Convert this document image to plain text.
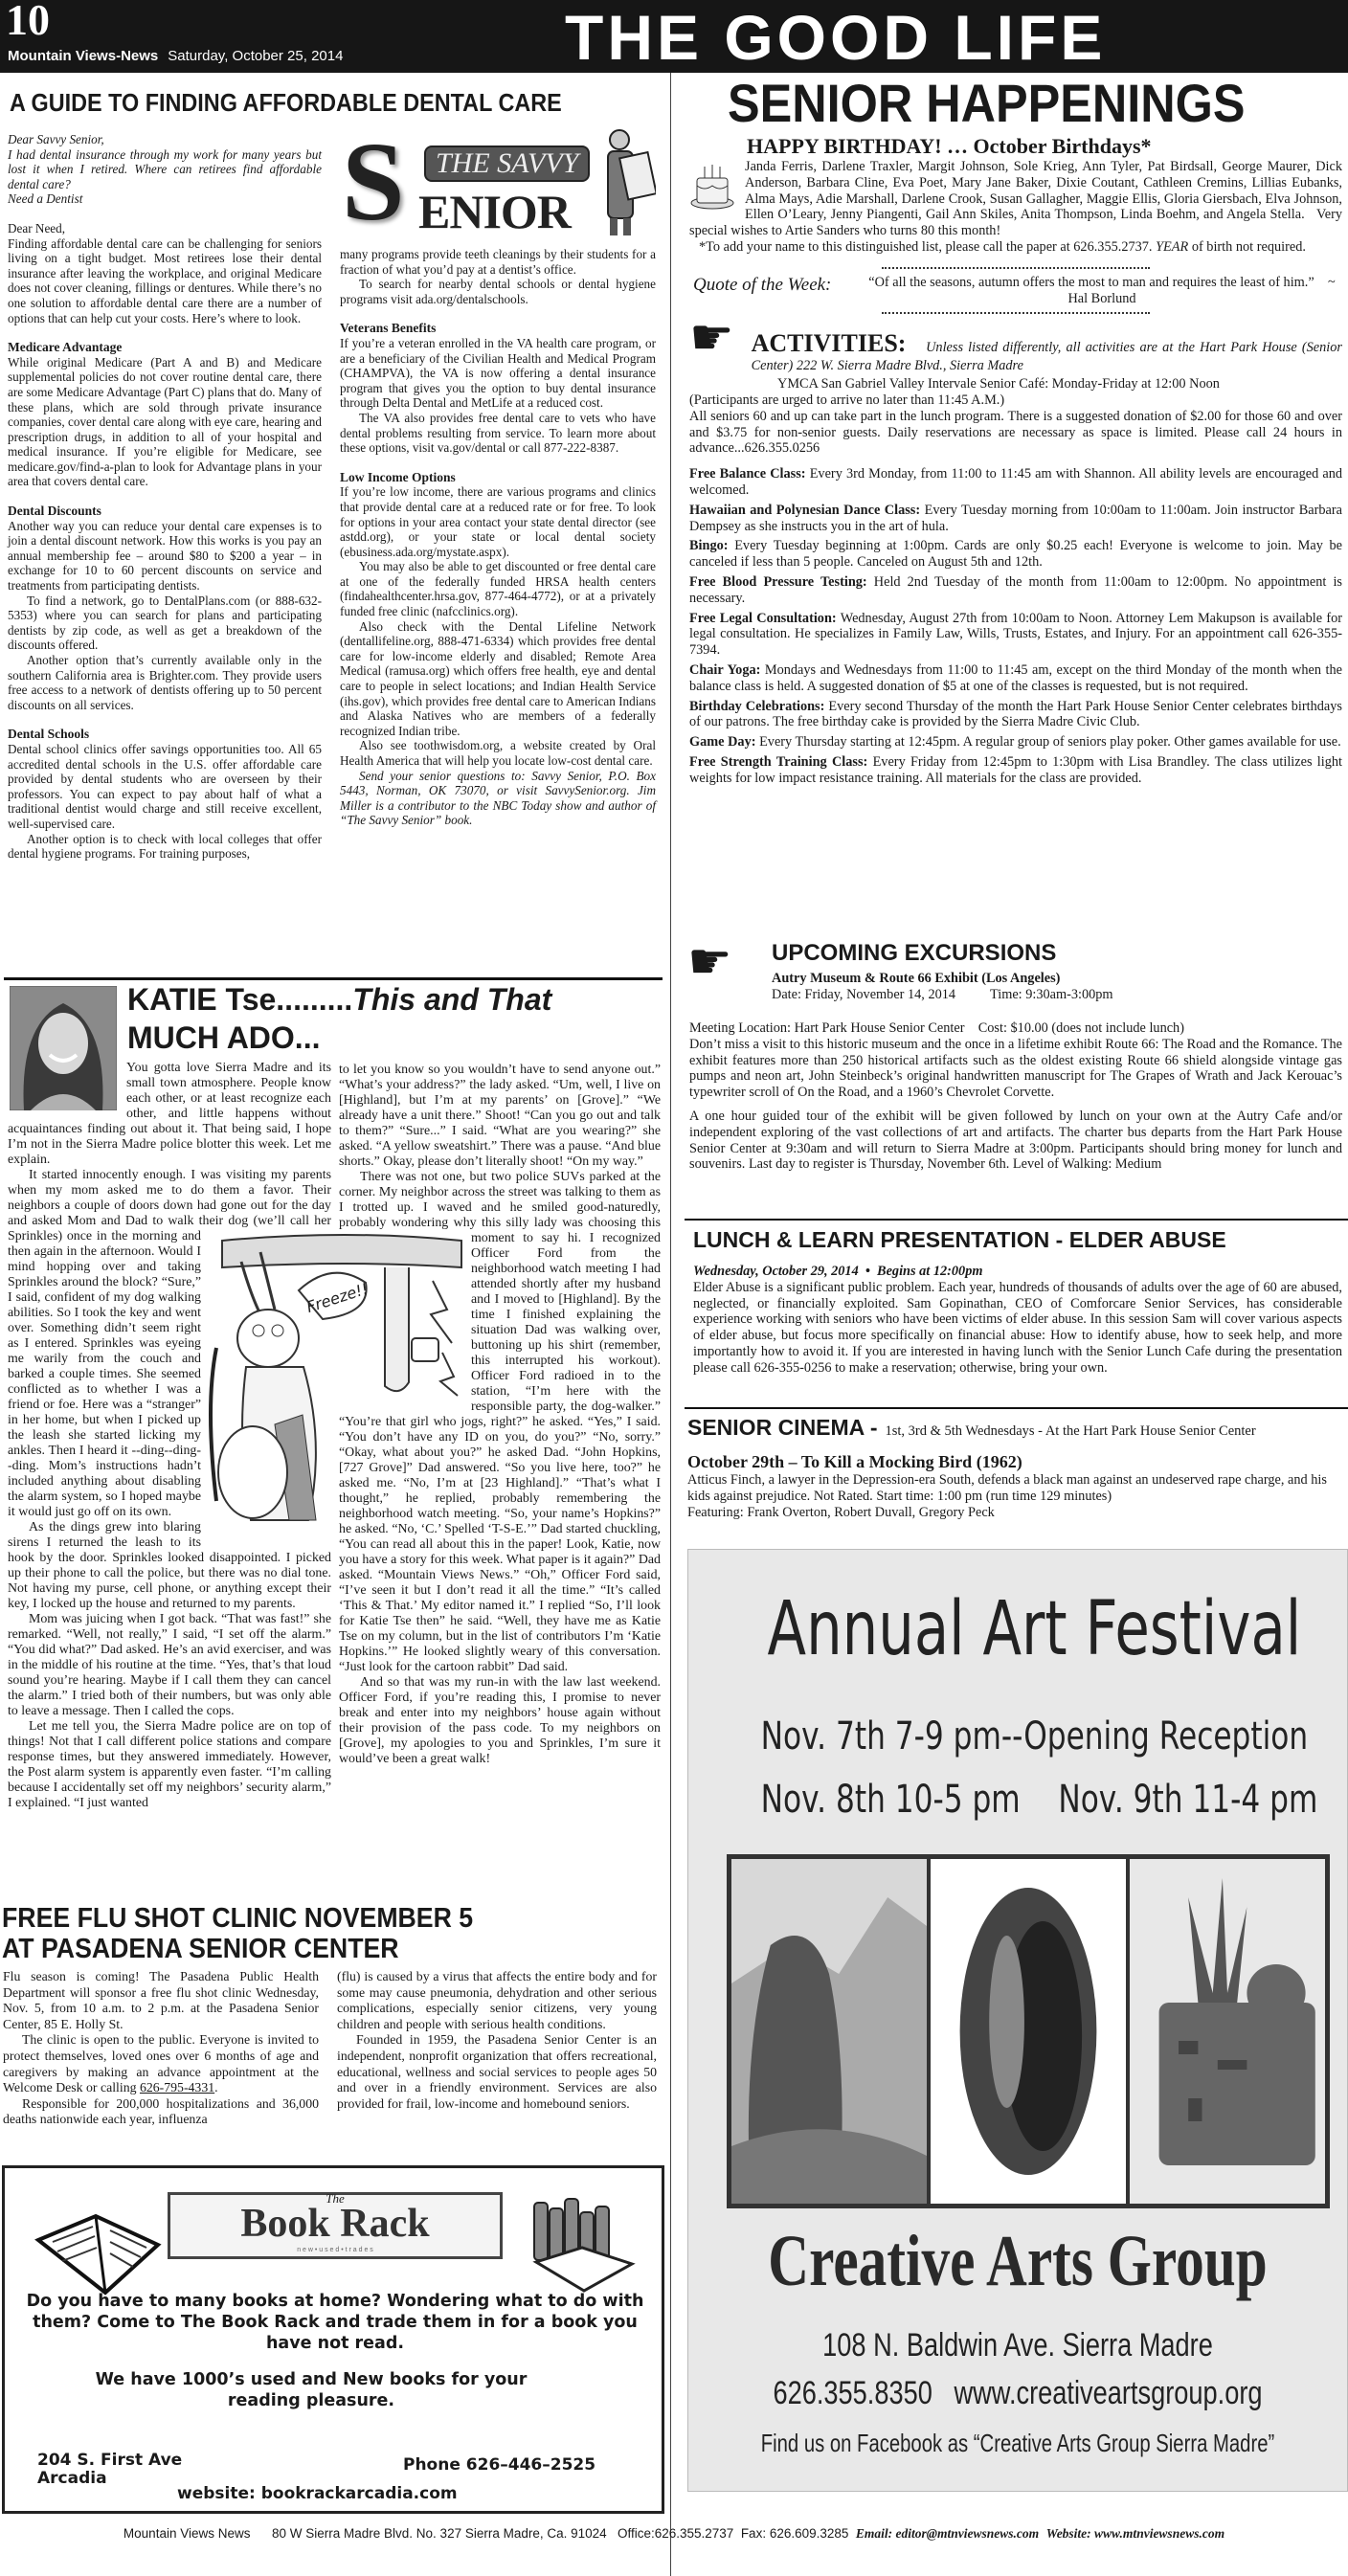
10
Mountain Views-News Saturday, October 25, 2014	THE GOOD LIFE
A GUIDE TO FINDING AFFORDABLE DENTAL CARE

Dear Savvy Senior,

I had dental insurance through my work for many years but lost it when I retired. Where can retirees find affordable dental care?

Need a Dentist

Dear Need,

Finding affordable dental care can be challenging for seniors living on a tight budget. Most retirees lose their dental insurance after leaving the workplace, and original Medicare does not cover cleaning, fillings or dentures. While there’s no one solution to affordable dental care there are a number of options that can help cut your costs. Here’s where to look.

Medicare Advantage

While original Medicare (Part A and B) and Medicare supplemental policies do not cover routine dental care, there are some Medicare Advantage (Part C) plans that do. Many of these plans, which are sold through private insurance companies, cover dental care along with eye care, hearing and prescription drugs, in addition to all of your hospital and medical insurance. If you’re eligible for Medicare, see medicare.gov/find-a-plan to look for Advantage plans in your area that covers dental care.

Dental Discounts

Another way you can reduce your dental care expenses is to join a dental discount network. How this works is you pay an annual membership fee – around $80 to $200 a year – in exchange for 10 to 60 percent discounts on service and treatments from participating dentists.

To find a network, go to DentalPlans.com (or 888-632-5353) where you can search for plans and participating dentists by zip code, as well as get a breakdown of the discounts offered.

Another option that’s currently available only in the southern California area is Brighter.com. They provide users free access to a network of dentists offering up to 50 percent discounts on all services.

Dental Schools

Dental school clinics offer savings opportunities too. All 65 accredited dental schools in the U.S. offer affordable care provided by dental students who are overseen by their professors. You can expect to pay about half of what a traditional dentist would charge and still receive excellent, well-supervised care.

Another option is to check with local colleges that offer dental hygiene programs. For training purposes,

S	THE SAVVY
ENIOR

many programs provide teeth cleanings by their students for a fraction of what you’d pay at a dentist’s office.

To search for nearby dental schools or dental hygiene programs visit ada.org/dentalschools.

Veterans Benefits

If you’re a veteran enrolled in the VA health care program, or are a beneficiary of the Civilian Health and Medical Program (CHAMPVA), the VA is now offering a dental insurance program that gives you the option to buy dental insurance through Delta Dental and MetLife at a reduced cost.

The VA also provides free dental care to vets who have dental problems resulting from service. To learn more about these options, visit va.gov/dental or call 877-222-8387.

Low Income Options

If you’re low income, there are various programs and clinics that provide dental care at a reduced rate or for free. To look for options in your area contact your state dental director (see astdd.org), or your state or local dental society (ebusiness.ada.org/mystate.aspx).

You may also be able to get discounted or free dental care at one of the federally funded HRSA health centers (findahealthcenter.hrsa.gov, 877-464-4772), or at a privately funded free clinic (nafcclinics.org).

Also check with the Dental Lifeline Network (dentallifeline.org, 888-471-6334) which provides free dental care for low-income elderly and disabled; Remote Area Medical (ramusa.org) which offers free health, eye and dental care to people in select locations; and Indian Health Service (ihs.gov), which provides free dental care to American Indians and Alaska Natives who are members of a federally recognized Indian tribe.

Also see toothwisdom.org, a website created by Oral Health America that will help you locate low-cost dental care.

Send your senior questions to: Savvy Senior, P.O. Box 5443, Norman, OK 73070, or visit SavvySenior.org. Jim Miller is a contributor to the NBC Today show and author of “The Savvy Senior” book.

KATIE Tse.........This and That
MUCH ADO...

You gotta love Sierra Madre and its small town atmosphere. People know each other, or at least recognize each other, and little happens without acquaintances finding out about it. That being said, I hope I’m not in the Sierra Madre police blotter this week. Let me explain.

It started innocently enough. I was visiting my parents when my mom asked me to do them a favor. Their neighbors a couple of doors down had gone out for the day and asked Mom and Dad to walk their dog (we’ll call her Sprinkles) once in the morning and then again in the afternoon. Would I mind hopping over and taking Sprinkles around the block? “Sure,” I said, confident of my dog walking abilities. So I took the key and went over. Something didn’t seem right as I entered. Sprinkles was eyeing me warily from the couch and barked a couple times. She seemed conflicted as to whether I was a friend or foe. Here was a “stranger” in her home, but when I picked up the leash she started licking my ankles. Then I heard it --ding--ding--ding. Mom’s instructions hadn’t included anything about disabling the alarm system, so I hoped maybe it would just go off on its own.

As the dings grew into blaring sirens I returned the leash to its hook by the door. Sprinkles looked disappointed. I picked up their phone to call the police, but there was no dial tone. Not having my purse, cell phone, or anything except their key, I locked up the house and returned to my parents.

Mom was juicing when I got back. “That was fast!” she remarked. “Well, not really,” I said, “I set off the alarm.” “You did what?” Dad asked. He’s an avid exerciser, and was in the middle of his routine at the time. “Yes, that’s that loud sound you’re hearing. Maybe if I call them they can cancel the alarm.” I tried both of their numbers, but was only able to leave a message. Then I called the cops.

Let me tell you, the Sierra Madre police are on top of things! Not that I call different police stations and compare response times, but they answered immediately. However, the Post alarm system is apparently even faster. “I’m calling because I accidentally set off my neighbors’ security alarm,” I explained. “I just wanted

to let you know so you wouldn’t have to send anyone out.” “What’s your address?” the lady asked. “Um, well, I live on [Highland], but I’m at my parents’ on [Grove].” “We already have a unit there.” Shoot! “Can you go out and talk to them?” “Sure...” I said. “What are you wearing?” she asked. “A yellow sweatshirt.” There was a pause. “And blue shorts.” Okay, please don’t literally shoot! “On my way.”

There was not one, but two police SUVs parked at the corner. My neighbor across the street was talking to them as I trotted up. I waved and he smiled good-naturedly, probably wondering why this silly lady was choosing this moment to say hi. I recognized Officer Ford from the neighborhood watch meeting I had attended shortly after my husband and I moved to [Highland]. By the time I finished explaining the situation Dad was walking over, buttoning up his shirt (remember, this interrupted his workout). Officer Ford radioed in to the station, “I’m here with the responsible party, the dog-walker.” “You’re that girl who jogs, right?” he asked. “Yes,” I said. “You don’t have any ID on you, do you?” “No, sorry.” “Okay, what about you?” he asked Dad. “John Hopkins, [727 Grove]” Dad answered. “So you live here, too?” he asked me. “No, I’m at [23 Highland].” “That’s what I thought,” he replied, probably remembering the neighborhood watch meeting. “So, your name’s Hopkins?” he asked. “No, ‘C.’ Spelled ‘T-S-E.’” Dad started chuckling, “You can read all about this in the paper! Look, Katie, now you have a story for this week. What paper is it again?” Dad asked. “Mountain Views News.” “Oh,” Officer Ford said, “I’ve seen it but I don’t read it all the time.” “It’s called ‘This & That.’ My editor named it.” I replied “So, I’ll look for Katie Tse then” he said. “Well, they have me as Katie Tse on my column, but in the list of contributors I’m ‘Katie Hopkins.’” He looked slightly weary of this conversation. “Just look for the cartoon rabbit” Dad said.

And so that was my run-in with the law last weekend. Officer Ford, if you’re reading this, I promise to never break and enter into my neighbors’ house again without their provision of the pass code. To my neighbors on [Grove], my apologies to you and Sprinkles, I’m sure it would’ve been a great walk!

Freeze!!
FREE FLU SHOT CLINIC NOVEMBER 5
AT PASADENA SENIOR CENTER

Flu season is coming! The Pasadena Public Health Department will sponsor a free flu shot clinic Wednesday, Nov. 5, from 10 a.m. to 2 p.m. at the Pasadena Senior Center, 85 E. Holly St.

The clinic is open to the public. Everyone is invited to protect themselves, loved ones over 6 months of age and caregivers by making an advance appointment at the Welcome Desk or calling 626-795-4331.

Responsible for 200,000 hospitalizations and 36,000 deaths nationwide each year, influenza

(flu) is caused by a virus that affects the entire body and for some may cause pneumonia, dehydration and other serious complications, especially senior citizens, very young children and people with serious health conditions.

Founded in 1959, the Pasadena Senior Center is an independent, nonprofit organization that offers recreational, educational, wellness and social services to people ages 50 and over in a friendly environment. Services are also provided for frail, low-income and homebound seniors.

The
Book Rack
n e w • u s e d • t r a d e s
Do you have to many books at home? Wondering what to do with them? Come to The Book Rack and trade them in for a book you have not read.
We have 1000’s used and New books for your reading pleasure.
204 S. First Ave
Arcadia
Phone 626–446–2525
website: bookrackarcadia.com
SENIOR HAPPENINGS
HAPPY BIRTHDAY! … October Birthdays*

Janda Ferris, Darlene Traxler, Margit Johnson, Sole Krieg, Ann Tyler, Pat Birdsall, George Maurer, Dick Anderson, Barbara Cline, Eva Poet, Mary Jane Baker, Dixie Coutant, Cathleen Cremins, Lillias Eubanks, Alma Mays, Adie Marshall, Darlene Crook, Susan Gallagher, Maggie Ellis, Gloria Giersbach, Elva Johnson, Ellen O’Leary, Jenny Piangenti, Gail Ann Skiles, Anita Thompson, Linda Boehm, and Angela Stella. Very special wishes to Artie Sanders who turns 80 this month!

*To add your name to this distinguished list, please call the paper at 626.355.2737. YEAR of birth not required.

Quote of the Week:	“Of all the seasons, autumn offers the most to man and requires the least of him.” ~ Hal Borlund
☛ ACTIVITIES: Unless listed differently, all activities are at the Hart Park House (Senior Center) 222 W. Sierra Madre Blvd., Sierra Madre

YMCA San Gabriel Valley Intervale Senior Café: Monday-Friday at 12:00 Noon

(Participants are urged to arrive no later than 11:45 A.M.)

All seniors 60 and up can take part in the lunch program. There is a suggested donation of $2.00 for those 60 and over and $3.75 for non-senior guests. Daily reservations are necessary as space is limited. Please call 24 hours in advance...626.355.0256

Free Balance Class: Every 3rd Monday, from 11:00 to 11:45 am with Shannon. All ability levels are encouraged and welcomed.

Hawaiian and Polynesian Dance Class: Every Tuesday morning from 10:00am to 11:00am. Join instructor Barbara Dempsey as she instructs you in the art of hula.

Bingo: Every Tuesday beginning at 1:00pm. Cards are only $0.25 each! Everyone is welcome to join. May be canceled if less than 5 people. Canceled on August 5th and 12th.

Free Blood Pressure Testing: Held 2nd Tuesday of the month from 11:00am to 12:00pm. No appointment is necessary.

Free Legal Consultation: Wednesday, August 27th from 10:00am to Noon. Attorney Lem Makupson is available for legal consultation. He specializes in Family Law, Wills, Trusts, Estates, and Injury. For an appointment call 626-355-7394.

Chair Yoga: Mondays and Wednesdays from 11:00 to 11:45 am, except on the third Monday of the month when the balance class is held. A suggested donation of $5 at one of the classes is requested, but is not required.

Birthday Celebrations: Every second Thursday of the month the Hart Park House Senior Center celebrates birthdays of our patrons. The free birthday cake is provided by the Sierra Madre Civic Club.

Game Day: Every Thursday starting at 12:45pm. A regular group of seniors play poker. Other games available for use.

Free Strength Training Class: Every Friday from 12:45pm to 1:30pm with Lisa Brandley. The class utilizes light weights for low impact resistance training. All materials for the class are provided.

☛ UPCOMING EXCURSIONS
Autry Museum & Route 66 Exhibit (Los Angeles)
Date: Friday, November 14, 2014	Time: 9:30am-3:00pm

Meeting Location: Hart Park House Senior Center Cost: $10.00 (does not include lunch)

Don’t miss a visit to this historic museum and the once in a lifetime exhibit Route 66: The Road and the Romance. The exhibit features more than 250 historical artifacts such as the oldest existing Route 66 shield alongside vintage gas pumps and neon art, John Steinbeck’s original handwritten manuscript for The Grapes of Wrath and Jack Kerouac’s typewriter scroll of On the Road, and a 1960’s Chevrolet Corvette.

A one hour guided tour of the exhibit will be given followed by lunch on your own at the Autry Cafe and/or independent exploring of the vast collections of art and artifacts. The charter bus departs from the Hart Park House Senior Center at 9:30am and will return to Sierra Madre at 3:00pm. Participants should bring money for lunch and souvenirs. Last day to register is Thursday, November 6th. Level of Walking: Medium

LUNCH & LEARN PRESENTATION - ELDER ABUSE
Wednesday, October 29, 2014  •  Begins at 12:00pm

Elder Abuse is a significant public problem. Each year, hundreds of thousands of adults over the age of 60 are abused, neglected, or financially exploited. Sam Gopinathan, CEO of Comforcare Senior Services, has considerable experience working with seniors who have been victims of elder abuse. In this session Sam will cover various aspects of elder abuse, but focus more specifically on financial abuse: How to identify abuse, how to seek help, and more importantly how to avoid it. If you are interested in having lunch with the Senior Lunch Cafe during the presentation please call 626-355-0256 to make a reservation; otherwise, bring your own.

SENIOR CINEMA - 1st, 3rd & 5th Wednesdays - At the Hart Park House Senior Center
October 29th – To Kill a Mocking Bird (1962)

Atticus Finch, a lawyer in the Depression-era South, defends a black man against an undeserved rape charge, and his kids against prejudice. Not Rated. Start time: 1:00 pm (run time 129 minutes)

Featuring: Frank Overton, Robert Duvall, Gregory Peck

Annual Art Festival
Nov. 7th 7-9 pm--Opening Reception
Nov. 8th 10-5 pm Nov. 9th 11-4 pm
Creative Arts Group
108 N. Baldwin Ave. Sierra Madre
626.355.8350 www.creativeartsgroup.org
Find us on Facebook as “Creative Arts Group Sierra Madre”
Mountain Views News 80 W Sierra Madre Blvd. No. 327 Sierra Madre, Ca. 91024 Office:626.355.2737 Fax: 626.609.3285 Email: editor@mtnviewsnews.com Website: www.mtnviewsnews.com
